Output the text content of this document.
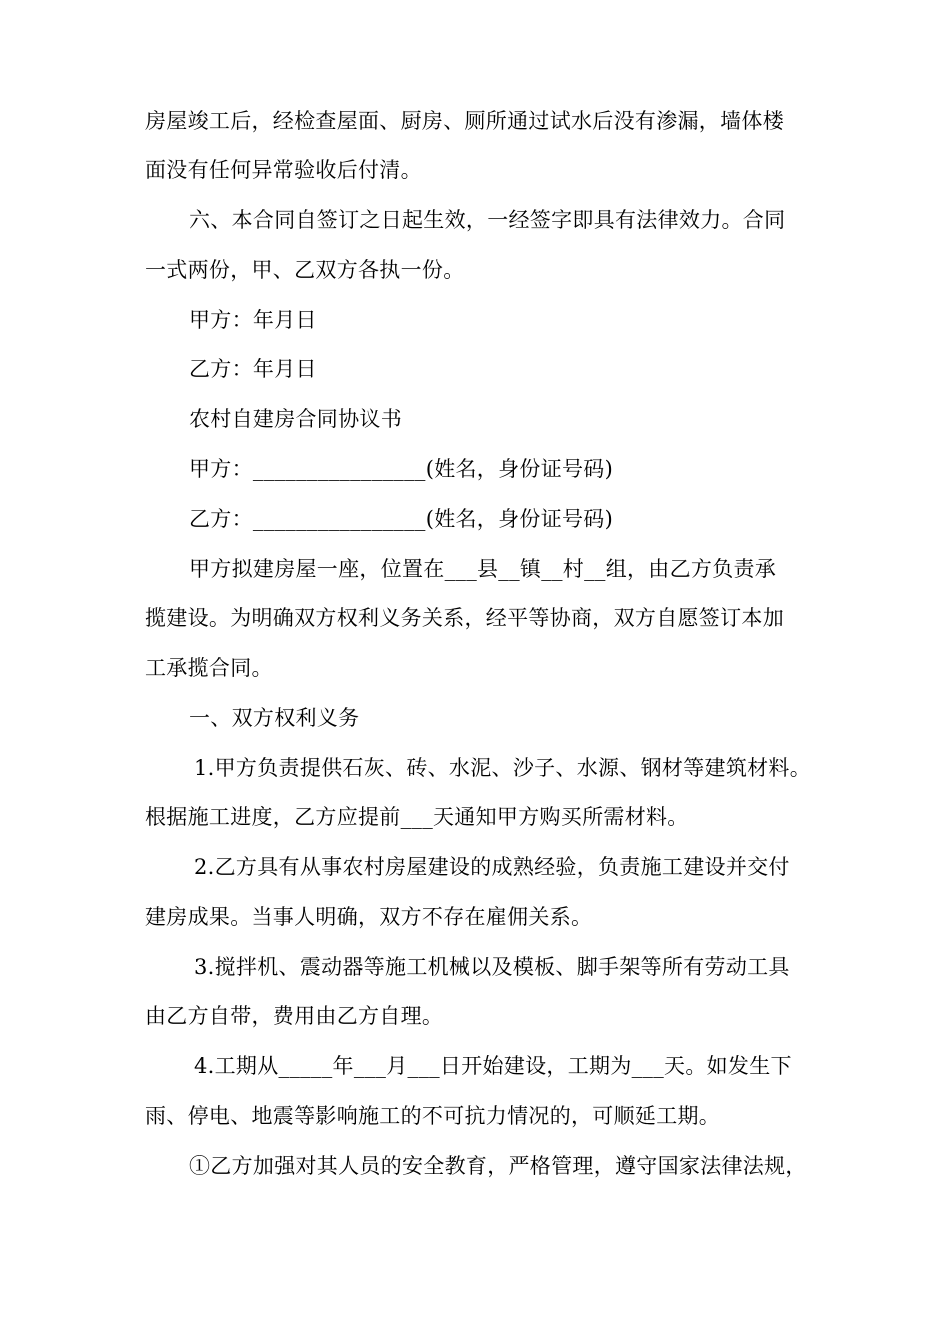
房屋竣工后，经检查屋面、厨房、厕所通过试水后没有渗漏，墙体楼
面没有任何异常验收后付清。
六、本合同自签订之日起生效，一经签字即具有法律效力。合同
一式两份，甲、乙双方各执一份。
甲方：年月日
乙方：年月日
农村自建房合同协议书
甲方：________________(姓名，身份证号码)
乙方：________________(姓名，身份证号码)
甲方拟建房屋一座，位置在___县__镇__村__组，由乙方负责承
揽建设。为明确双方权利义务关系，经平等协商，双方自愿签订本加
工承揽合同。
一、双方权利义务
1.甲方负责提供石灰、砖、水泥、沙子、水源、钢材等建筑材料。
根据施工进度，乙方应提前___天通知甲方购买所需材料。
2.乙方具有从事农村房屋建设的成熟经验，负责施工建设并交付
建房成果。当事人明确，双方不存在雇佣关系。
3.搅拌机、震动器等施工机械以及模板、脚手架等所有劳动工具
由乙方自带，费用由乙方自理。
4.工期从_____年___月___日开始建设，工期为___天。如发生下
雨、停电、地震等影响施工的不可抗力情况的，可顺延工期。
①乙方加强对其人员的安全教育，严格管理，遵守国家法律法规，
